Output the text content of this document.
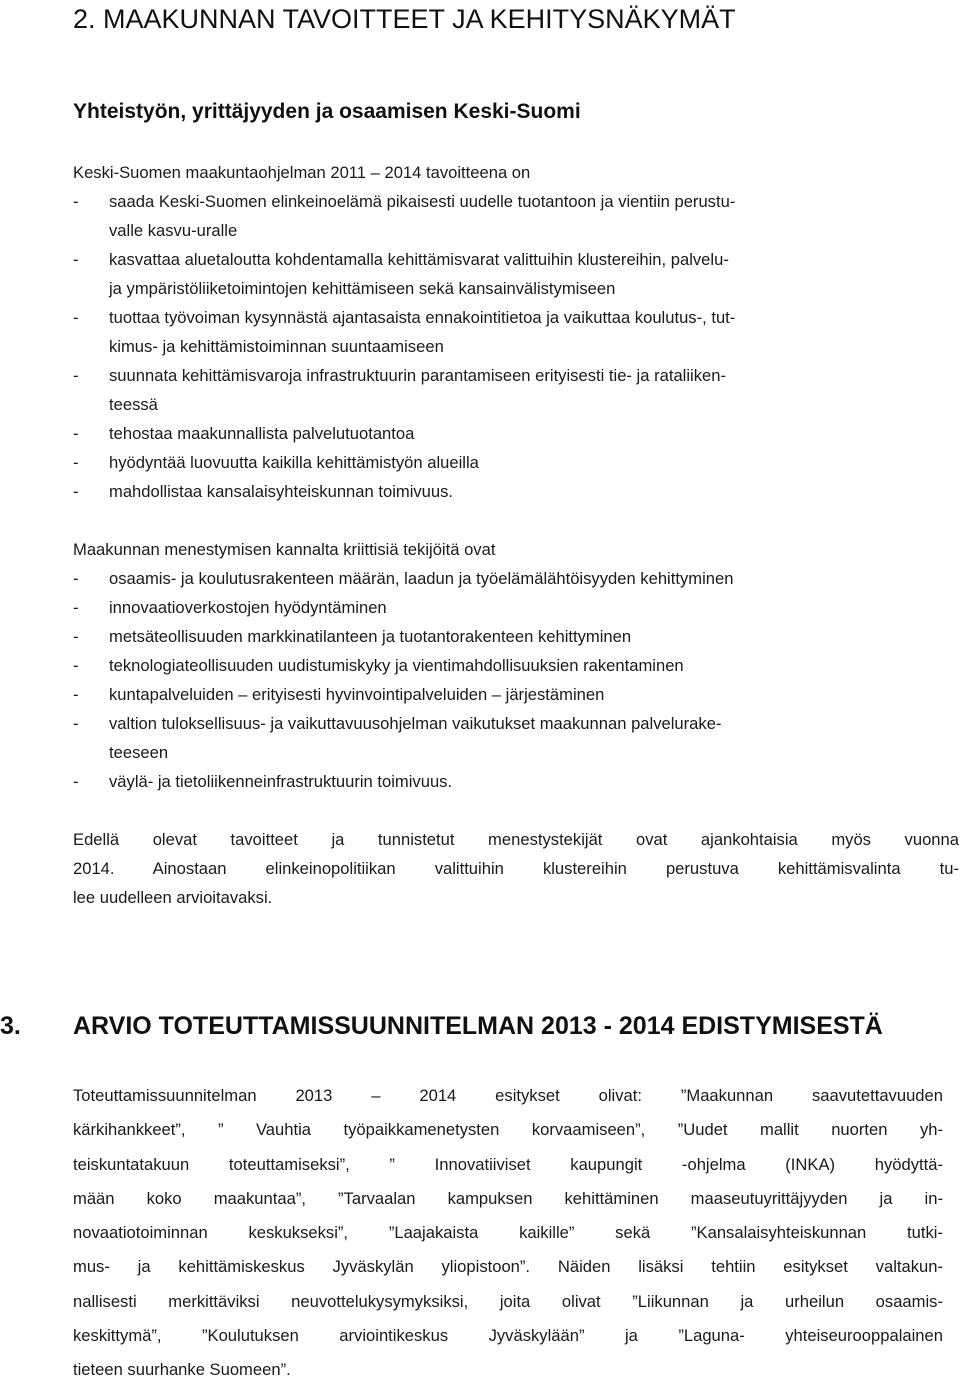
2. MAAKUNNAN TAVOITTEET JA KEHITYSNÄKYMÄT
Yhteistyön, yrittäjyyden ja osaamisen Keski-Suomi
Keski-Suomen maakuntaohjelman 2011 – 2014 tavoitteena on
-	saada Keski-Suomen elinkeinoelämä pikaisesti uudelle tuotantoon ja vientiin perustu-
valle kasvu-uralle
-	kasvattaa aluetaloutta kohdentamalla kehittämisvarat valittuihin klustereihin, palvelu-
ja ympäristöliiketoimintojen kehittämiseen sekä kansainvälistymiseen
-	tuottaa työvoiman kysynnästä ajantasaista ennakointitietoa ja vaikuttaa koulutus-, tut-
kimus- ja kehittämistoiminnan suuntaamiseen
-	suunnata kehittämisvaroja infrastruktuurin parantamiseen erityisesti tie- ja rataliiken-
teessä
-	tehostaa maakunnallista palvelutuotantoa
-	hyödyntää luovuutta kaikilla kehittämistyön alueilla
-	mahdollistaa kansalaisyhteiskunnan toimivuus.
Maakunnan menestymisen kannalta kriittisiä tekijöitä ovat
-	osaamis- ja koulutusrakenteen määrän, laadun ja työelämälähtöisyyden kehittyminen
-	innovaatioverkostojen hyödyntäminen
-	metsäteollisuuden markkinatilanteen ja tuotantorakenteen kehittyminen
-	teknologiateollisuuden uudistumiskyky ja vientimahdollisuuksien rakentaminen
-	kuntapalveluiden – erityisesti hyvinvointipalveluiden – järjestäminen
-	valtion tuloksellisuus- ja vaikuttavuusohjelman vaikutukset maakunnan palvelurake-
teeseen
-	väylä- ja tietoliikenneinfrastruktuurin toimivuus.
Edellä olevat tavoitteet ja tunnistetut menestystekijät ovat ajankohtaisia myös vuonna
2014. Ainostaan elinkeinopolitiikan valittuihin klustereihin perustuva kehittämisvalinta tu-
lee uudelleen arvioitavaksi.
3. ARVIO TOTEUTTAMISSUUNNITELMAN 2013 - 2014 EDISTYMISESTÄ
Toteuttamissuunnitelman 2013 – 2014 esitykset olivat: ”Maakunnan saavutettavuuden
kärkihankkeet”, ” Vauhtia työpaikkamenetysten korvaamiseen”, ”Uudet mallit nuorten yh-
teiskuntatakuun toteuttamiseksi”, ” Innovatiiviset kaupungit -ohjelma (INKA) hyödyttä-
mään koko maakuntaa”, ”Tarvaalan kampuksen kehittäminen maaseutuyrittäjyyden ja in-
novaatiotoiminnan keskukseksi”, ”Laajakaista kaikille” sekä ”Kansalaisyhteiskunnan tutki-
mus- ja kehittämiskeskus Jyväskylän yliopistoon”. Näiden lisäksi tehtiin esitykset valtakun-
nallisesti merkittäviksi neuvottelukysymyksiksi, joita olivat ”Liikunnan ja urheilun osaamis-
keskittymä”, ”Koulutuksen arviointikeskus Jyväskylään” ja ”Laguna- yhteiseurooppalainen
tieteen suurhanke Suomeen”.
